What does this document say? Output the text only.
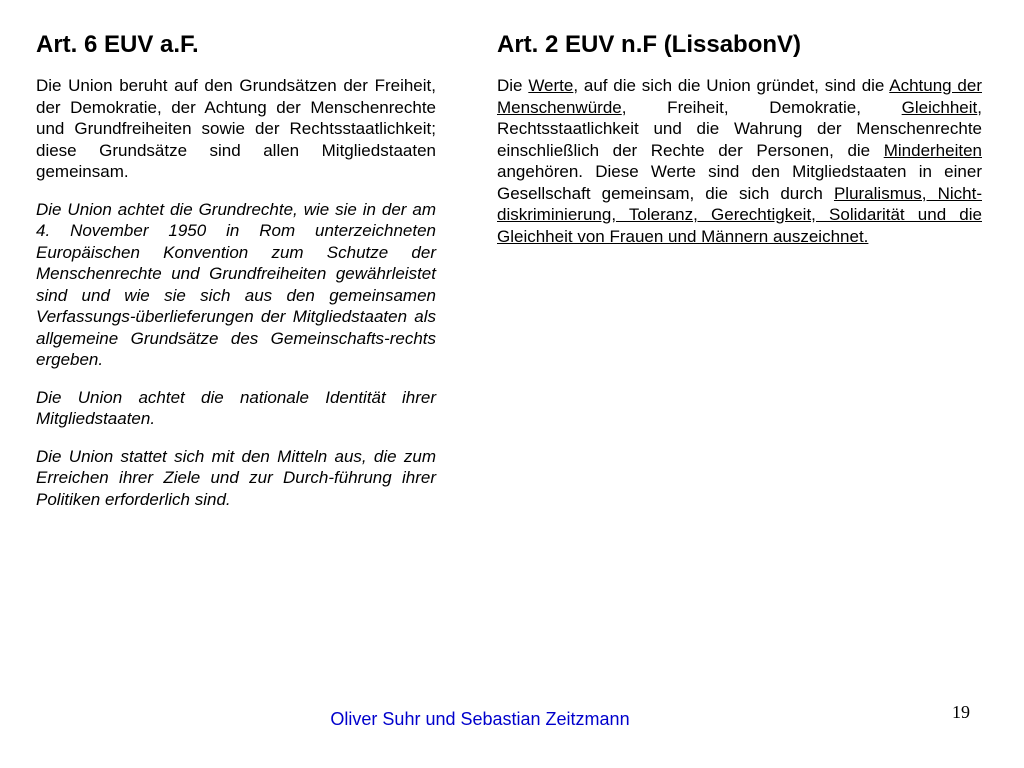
Art. 6 EUV a.F.

Die Union beruht auf den Grundsätzen der Freiheit, der Demokratie, der Achtung der Menschenrechte und Grundfreiheiten sowie der Rechtsstaatlichkeit; diese Grundsätze sind allen Mitgliedstaaten gemeinsam.

Die Union achtet die Grundrechte, wie sie in der am 4. November 1950 in Rom unterzeichneten Europäischen Konvention zum Schutze der Menschenrechte und Grundfreiheiten gewährleistet sind und wie sie sich aus den gemeinsamen Verfassungs-überlieferungen der Mitgliedstaaten als allgemeine Grundsätze des Gemeinschafts-rechts ergeben.

Die Union achtet die nationale Identität ihrer Mitgliedstaaten.

Die Union stattet sich mit den Mitteln aus, die zum Erreichen ihrer Ziele und zur Durch-führung ihrer Politiken erforderlich sind.

Art. 2 EUV n.F (LissabonV)

Die Werte, auf die sich die Union gründet, sind die Achtung der Menschenwürde, Freiheit, Demokratie, Gleichheit, Rechtsstaatlichkeit und die Wahrung der Menschenrechte einschließlich der Rechte der Personen, die Minderheiten angehören. Diese Werte sind den Mitgliedstaaten in einer Gesellschaft gemeinsam, die sich durch Pluralismus, Nicht-diskriminierung, Toleranz, Gerechtigkeit, Solidarität und die Gleichheit von Frauen und Männern auszeichnet.

Oliver Suhr und Sebastian Zeitzmann	19
